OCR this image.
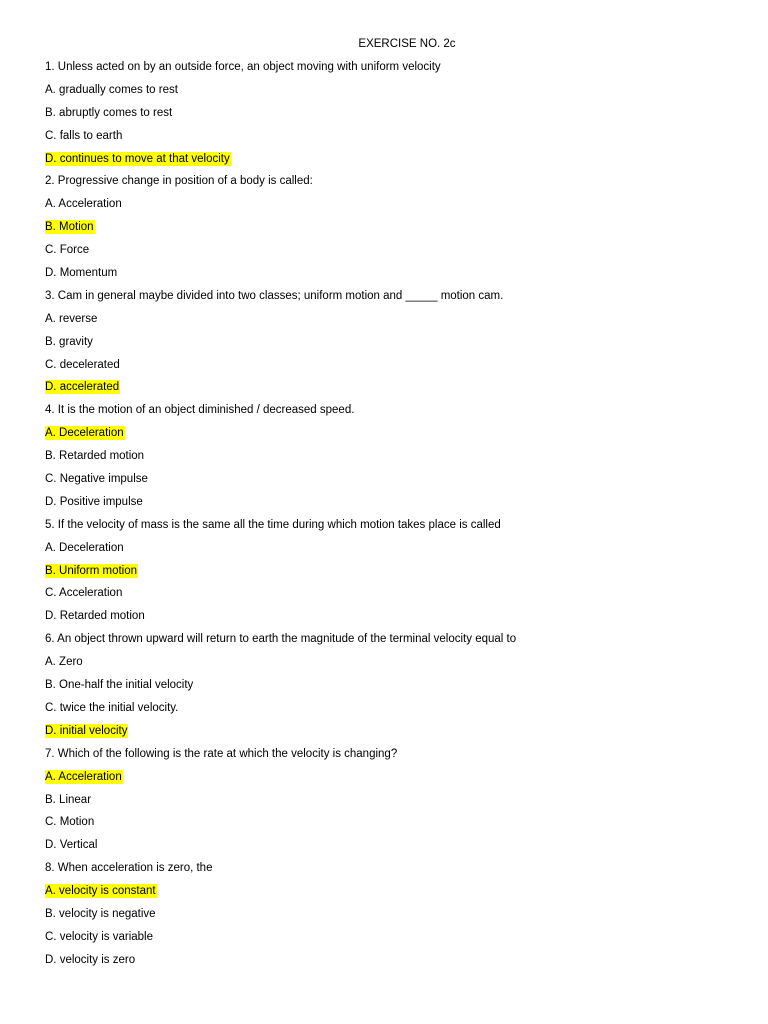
EXERCISE NO. 2c
1. Unless acted on by an outside force, an object moving with uniform velocity
A. gradually comes to rest
B. abruptly comes to rest
C. falls to earth
D. continues to move at that velocity
2. Progressive change in position of a body is called:
A. Acceleration
B. Motion
C. Force
D. Momentum
3. Cam in general maybe divided into two classes; uniform motion and _____ motion cam.
A. reverse
B. gravity
C. decelerated
D. accelerated
4. It is the motion of an object diminished / decreased speed.
A. Deceleration
B. Retarded motion
C. Negative impulse
D. Positive impulse
5. If the velocity of mass is the same all the time during which motion takes place is called
A. Deceleration
B. Uniform motion
C. Acceleration
D. Retarded motion
6. An object thrown upward will return to earth the magnitude of the terminal velocity equal to
A. Zero
B. One-half the initial velocity
C. twice the initial velocity.
D. initial velocity
7. Which of the following is the rate at which the velocity is changing?
A. Acceleration
B. Linear
C. Motion
D. Vertical
8. When acceleration is zero, the
A. velocity is constant
B. velocity is negative
C. velocity is variable
D. velocity is zero
